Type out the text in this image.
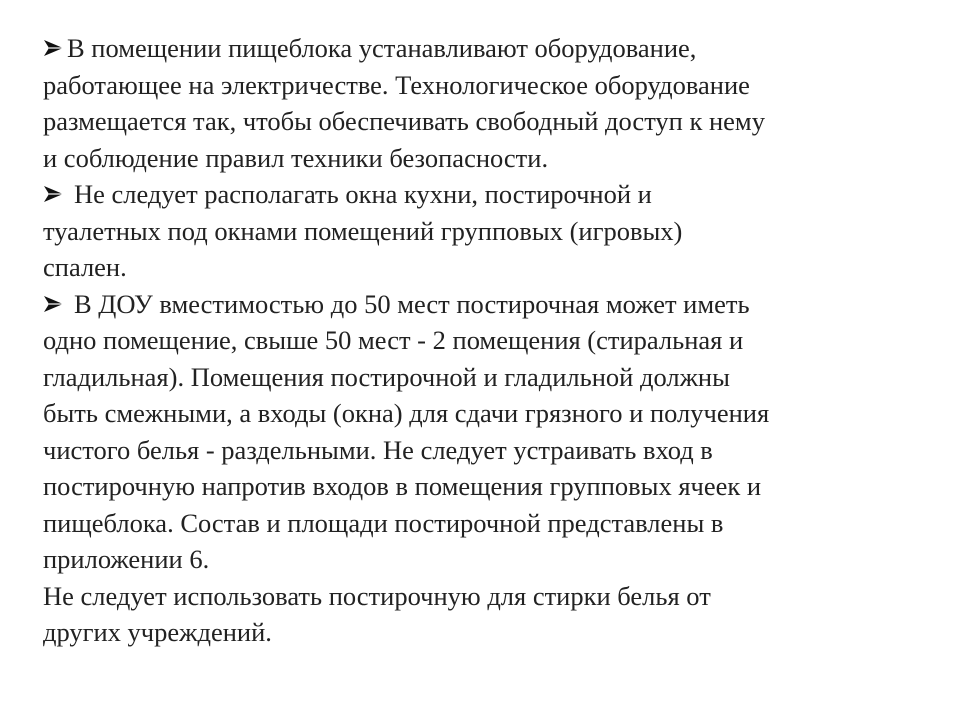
В помещении пищеблока устанавливают оборудование,
работающее на электричестве. Технологическое оборудование
размещается так, чтобы обеспечивать свободный доступ к нему
и соблюдение правил техники безопасности.
Не следует располагать окна кухни, постирочной и
туалетных под окнами помещений групповых (игровых)
спален.
В ДОУ вместимостью до 50 мест постирочная может иметь
одно помещение, свыше 50 мест - 2 помещения (стиральная и
гладильная). Помещения постирочной и гладильной должны
быть смежными, а входы (окна) для сдачи грязного и получения
чистого белья - раздельными. Не следует устраивать вход в
постирочную напротив входов в помещения групповых ячеек и
пищеблока. Состав и площади постирочной представлены в
приложении 6.
Не следует использовать постирочную для стирки белья от
других учреждений.
